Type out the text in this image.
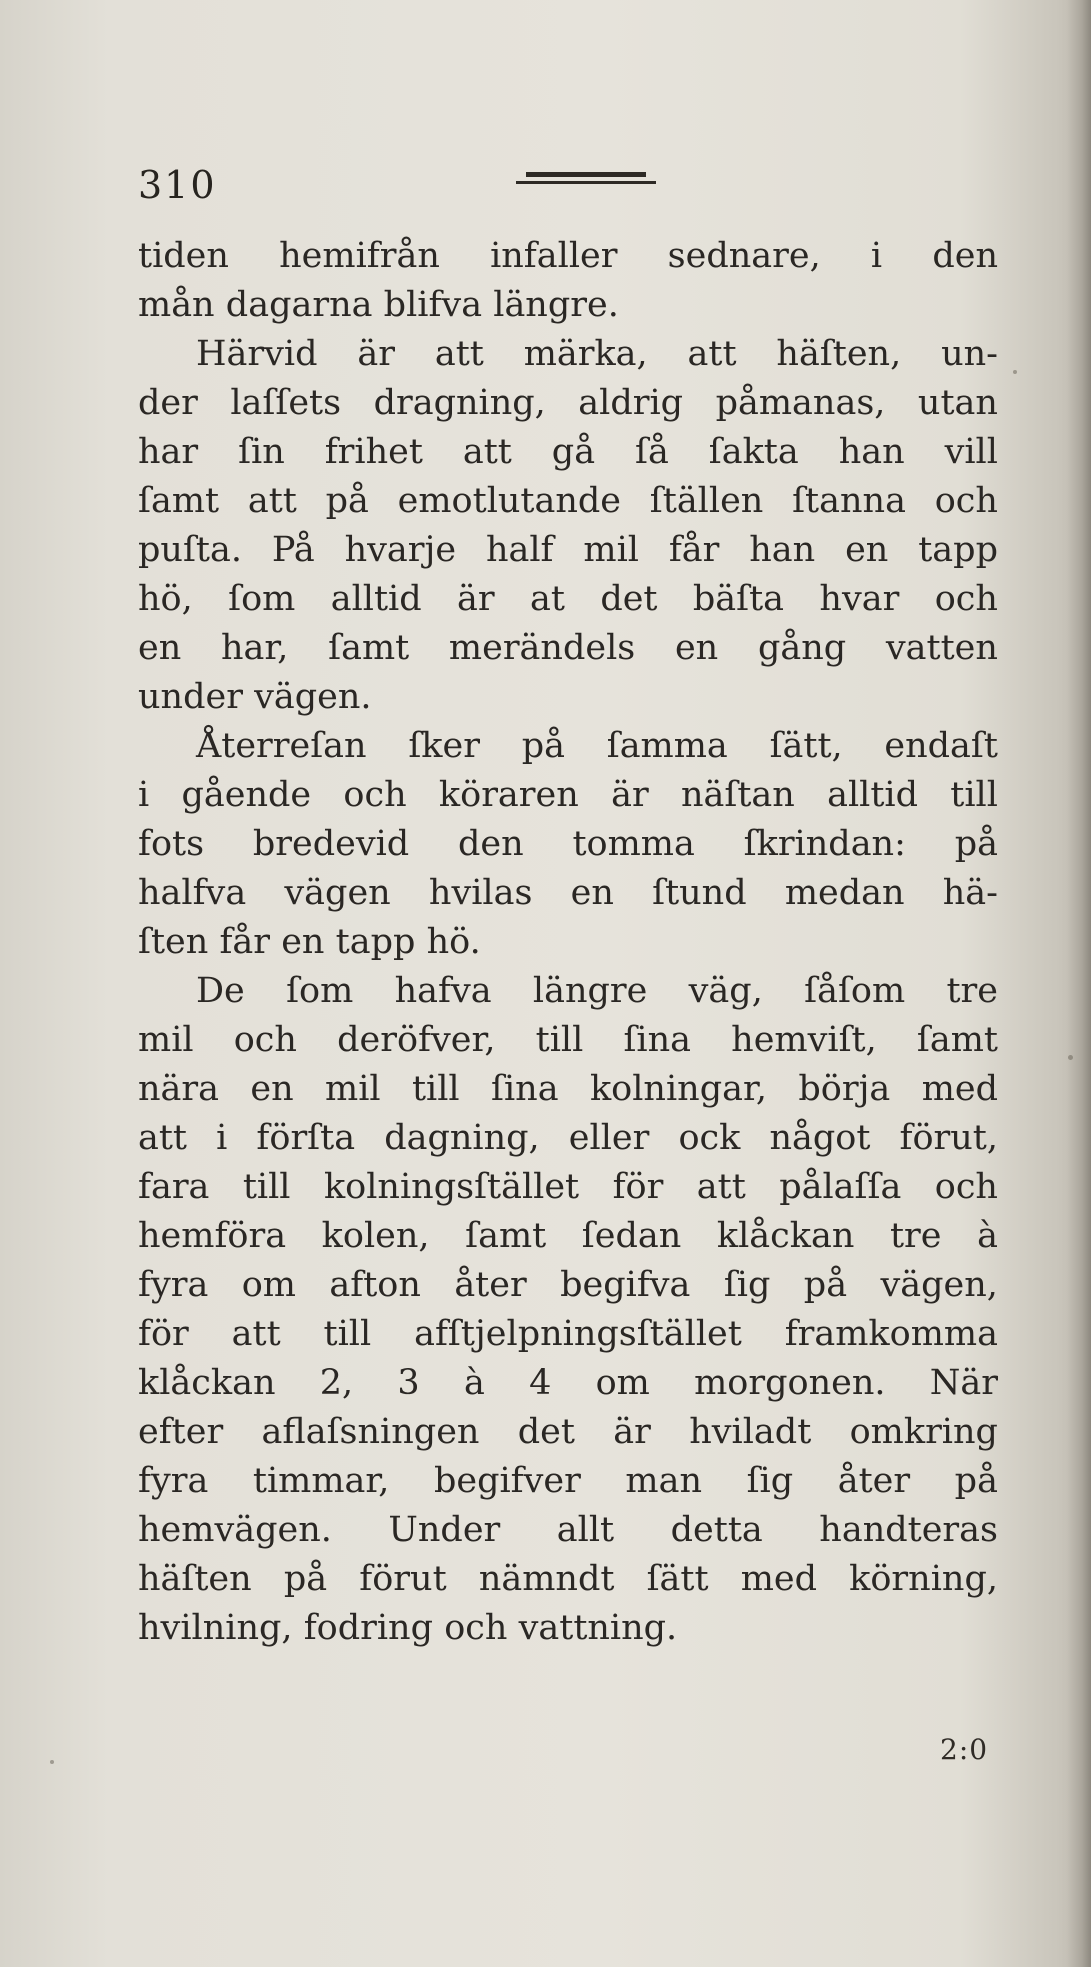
310
tiden hemifrån infaller sednare, i den
mån dagarna blifva längre.
Härvid är att märka, att häſten, un-
der laſſets dragning, aldrig påmanas, utan
har ſin frihet att gå ſå ſakta han vill
ſamt att på emotlutande ſtällen ſtanna och
puſta. På hvarje half mil får han en tapp
hö, ſom alltid är at det bäſta hvar och
en har, ſamt merändels en gång vatten
under vägen.
Återreſan ſker på ſamma ſätt, endaſt
i gående och köraren är näſtan alltid till
fots bredevid den tomma ſkrindan: på
halfva vägen hvilas en ſtund medan hä-
ſten får en tapp hö.
De ſom hafva längre väg, ſåſom tre
mil och deröfver, till ſina hemviſt, ſamt
nära en mil till ſina kolningar, börja med
att i förſta dagning, eller ock något förut,
fara till kolningsſtället för att pålaſſa och
hemföra kolen, ſamt ſedan klåckan tre à
fyra om afton åter begifva ſig på vägen,
för att till afſtjelpningsſtället framkomma
klåckan 2, 3 à 4 om morgonen. När
efter aflaſsningen det är hviladt omkring
fyra timmar, begifver man ſig åter på
hemvägen. Under allt detta handteras
häſten på förut nämndt ſätt med körning,
hvilning, fodring och vattning.
2:0
